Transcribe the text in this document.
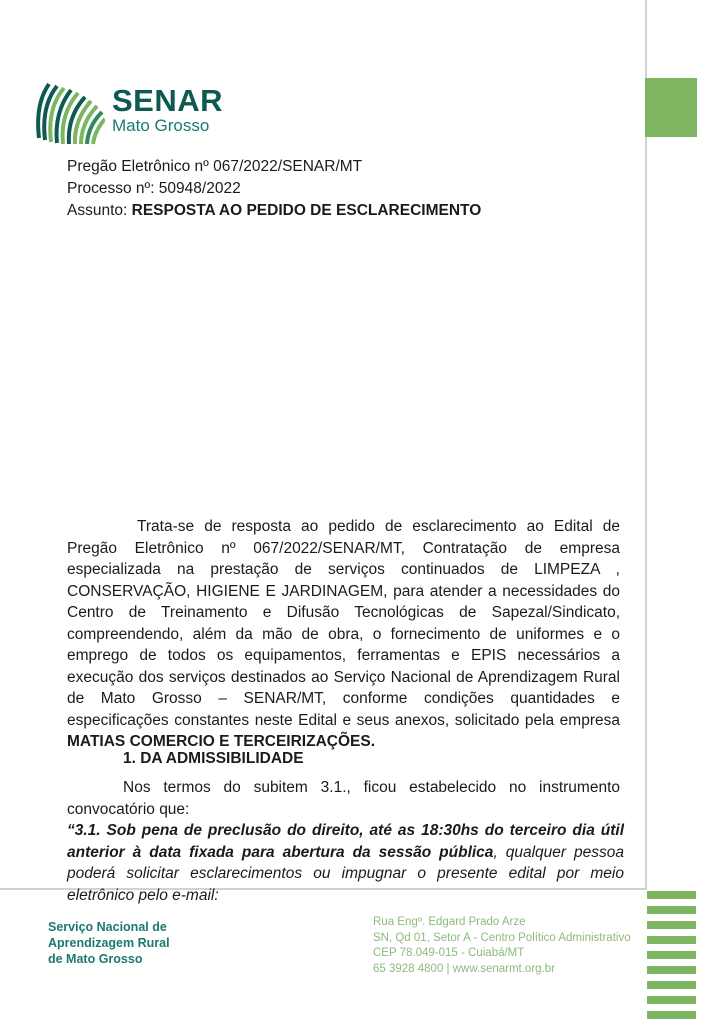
SENAR
Mato Grosso
Pregão Eletrônico nº 067/2022/SENAR/MT
Processo nº: 50948/2022
Assunto: RESPOSTA AO PEDIDO DE ESCLARECIMENTO

Trata-se de resposta ao pedido de esclarecimento ao Edital de Pregão Eletrônico nº 067/2022/SENAR/MT, Contratação de empresa especializada na prestação de serviços continuados de LIMPEZA , CONSERVAÇÃO, HIGIENE E JARDINAGEM, para atender a necessidades do Centro de Treinamento e Difusão Tecnológicas de Sapezal/Sindicato, compreendendo, além da mão de obra, o fornecimento de uniformes e o emprego de todos os equipamentos, ferramentas e EPIS necessários a execução dos serviços destinados ao Serviço Nacional de Aprendizagem Rural de Mato Grosso – SENAR/MT, conforme condições quantidades e especificações constantes neste Edital e seus anexos, solicitado pela empresa MATIAS COMERCIO E TERCEIRIZAÇÕES.

1. DA ADMISSIBILIDADE

Nos termos do subitem 3.1., ficou estabelecido no instrumento convocatório que:

“3.1. Sob pena de preclusão do direito, até as 18:30hs do terceiro dia útil anterior à data fixada para abertura da sessão pública, qualquer pessoa poderá solicitar esclarecimentos ou impugnar o presente edital por meio eletrônico pelo e-mail:

Serviço Nacional de
Aprendizagem Rural
de Mato Grosso
Rua Engº. Edgard Prado Arze
SN, Qd 01, Setor A - Centro Político Administrativo
CEP 78.049-015 - Cuiabá/MT
65 3928 4800 | www.senarmt.org.br
